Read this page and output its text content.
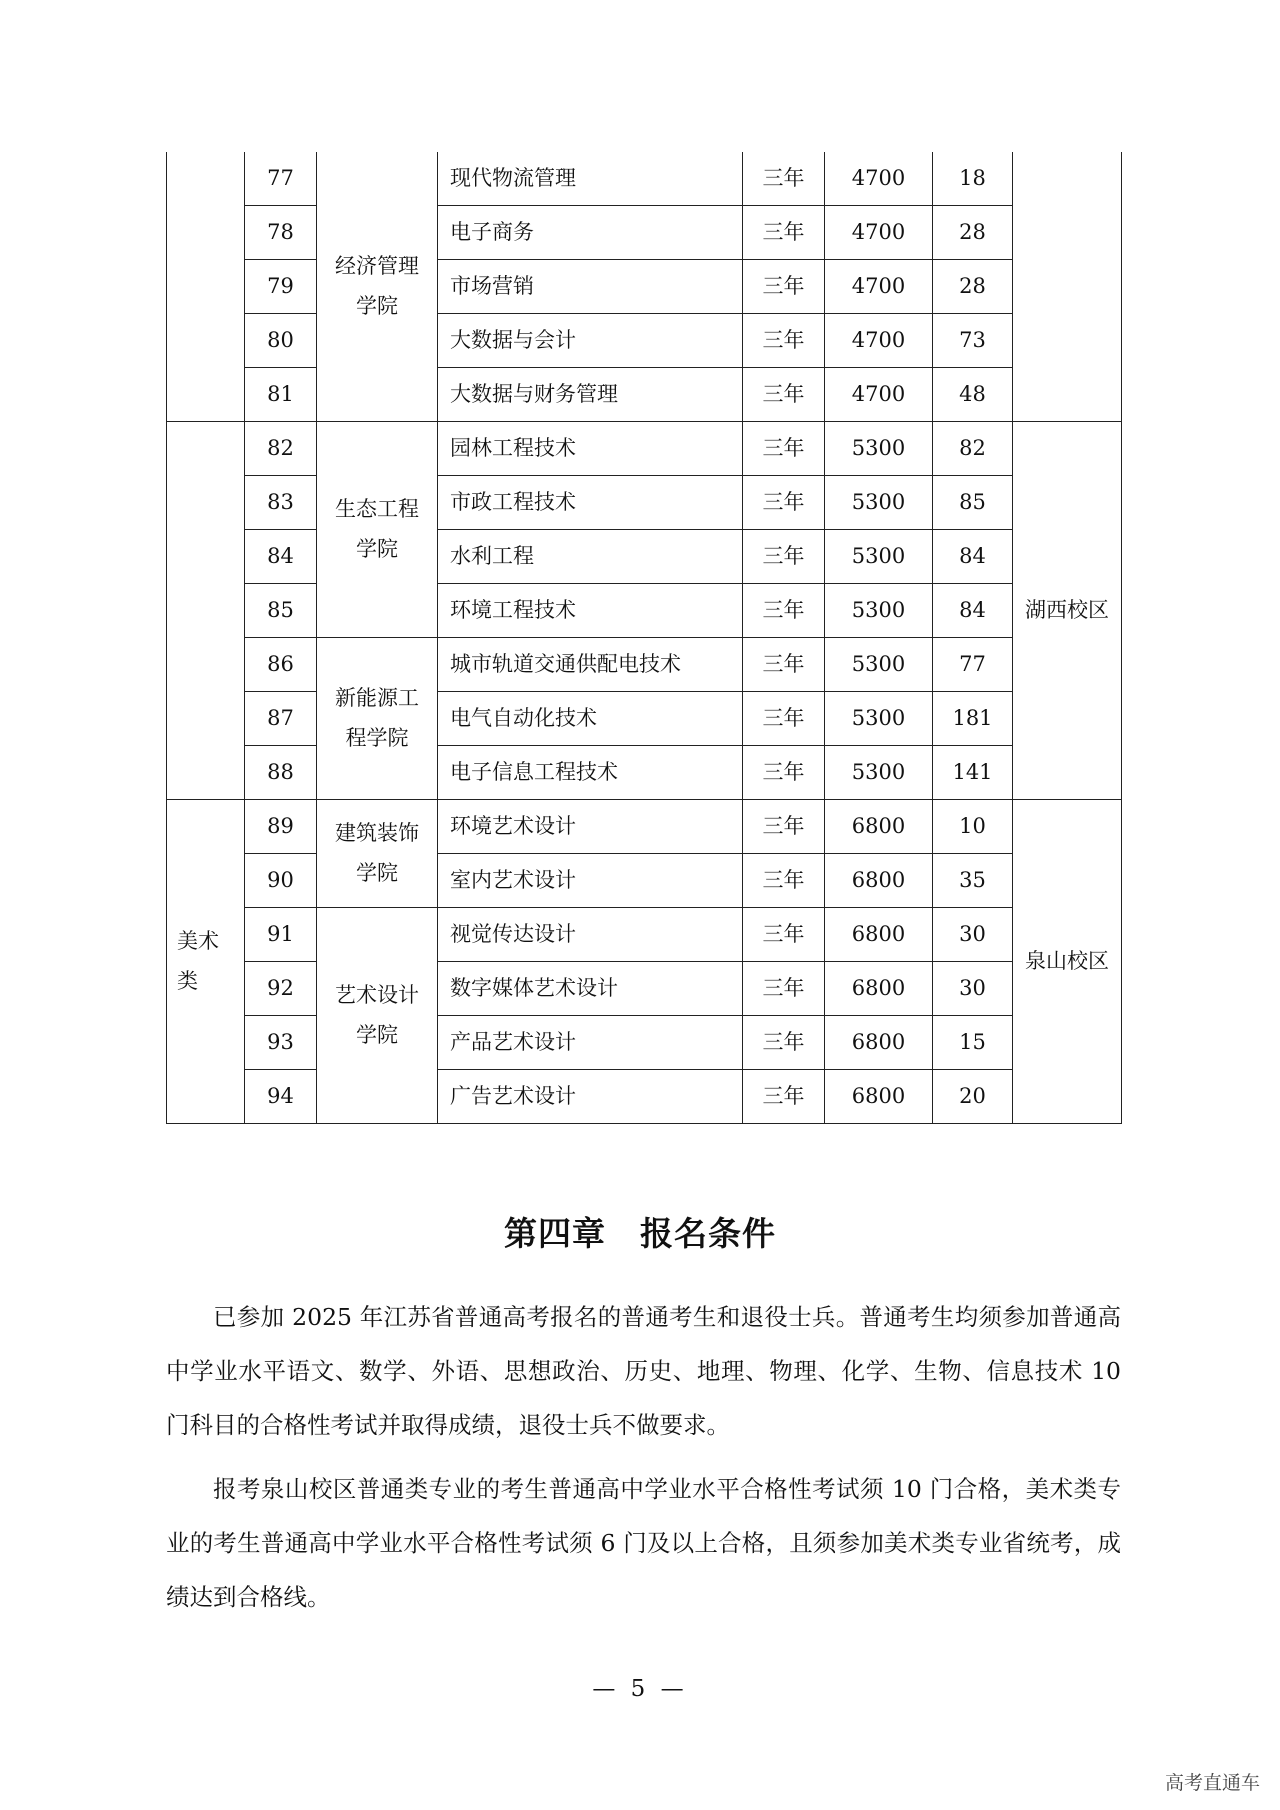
	77	经济管理学院	现代物流管理	三年	4700	18	
	78		电子商务	三年	4700	28	
	79		市场营销	三年	4700	28	
	80		大数据与会计	三年	4700	73	
	81		大数据与财务管理	三年	4700	48	
	82	生态工程学院	园林工程技术	三年	5300	82	湖西校区
	83		市政工程技术	三年	5300	85	
	84		水利工程	三年	5300	84	
	85		环境工程技术	三年	5300	84	
	86	新能源工程学院	城市轨道交通供配电技术	三年	5300	77	
	87		电气自动化技术	三年	5300	181	
	88		电子信息工程技术	三年	5300	141	
美术类	89	建筑装饰学院	环境艺术设计	三年	6800	10	泉山校区
	90		室内艺术设计	三年	6800	35	
	91	艺术设计学院	视觉传达设计	三年	6800	30	
	92		数字媒体艺术设计	三年	6800	30	
	93		产品艺术设计	三年	6800	15	
	94		广告艺术设计	三年	6800	20	
第四章　报名条件

已参加 2025 年江苏省普通高考报名的普通考生和退役士兵。普通考生均须参加普通高中学业水平语文、数学、外语、思想政治、历史、地理、物理、化学、生物、信息技术 10 门科目的合格性考试并取得成绩，退役士兵不做要求。

报考泉山校区普通类专业的考生普通高中学业水平合格性考试须 10 门合格，美术类专业的考生普通高中学业水平合格性考试须 6 门及以上合格，且须参加美术类专业省统考，成绩达到合格线。

— 5 —
高考直通车
